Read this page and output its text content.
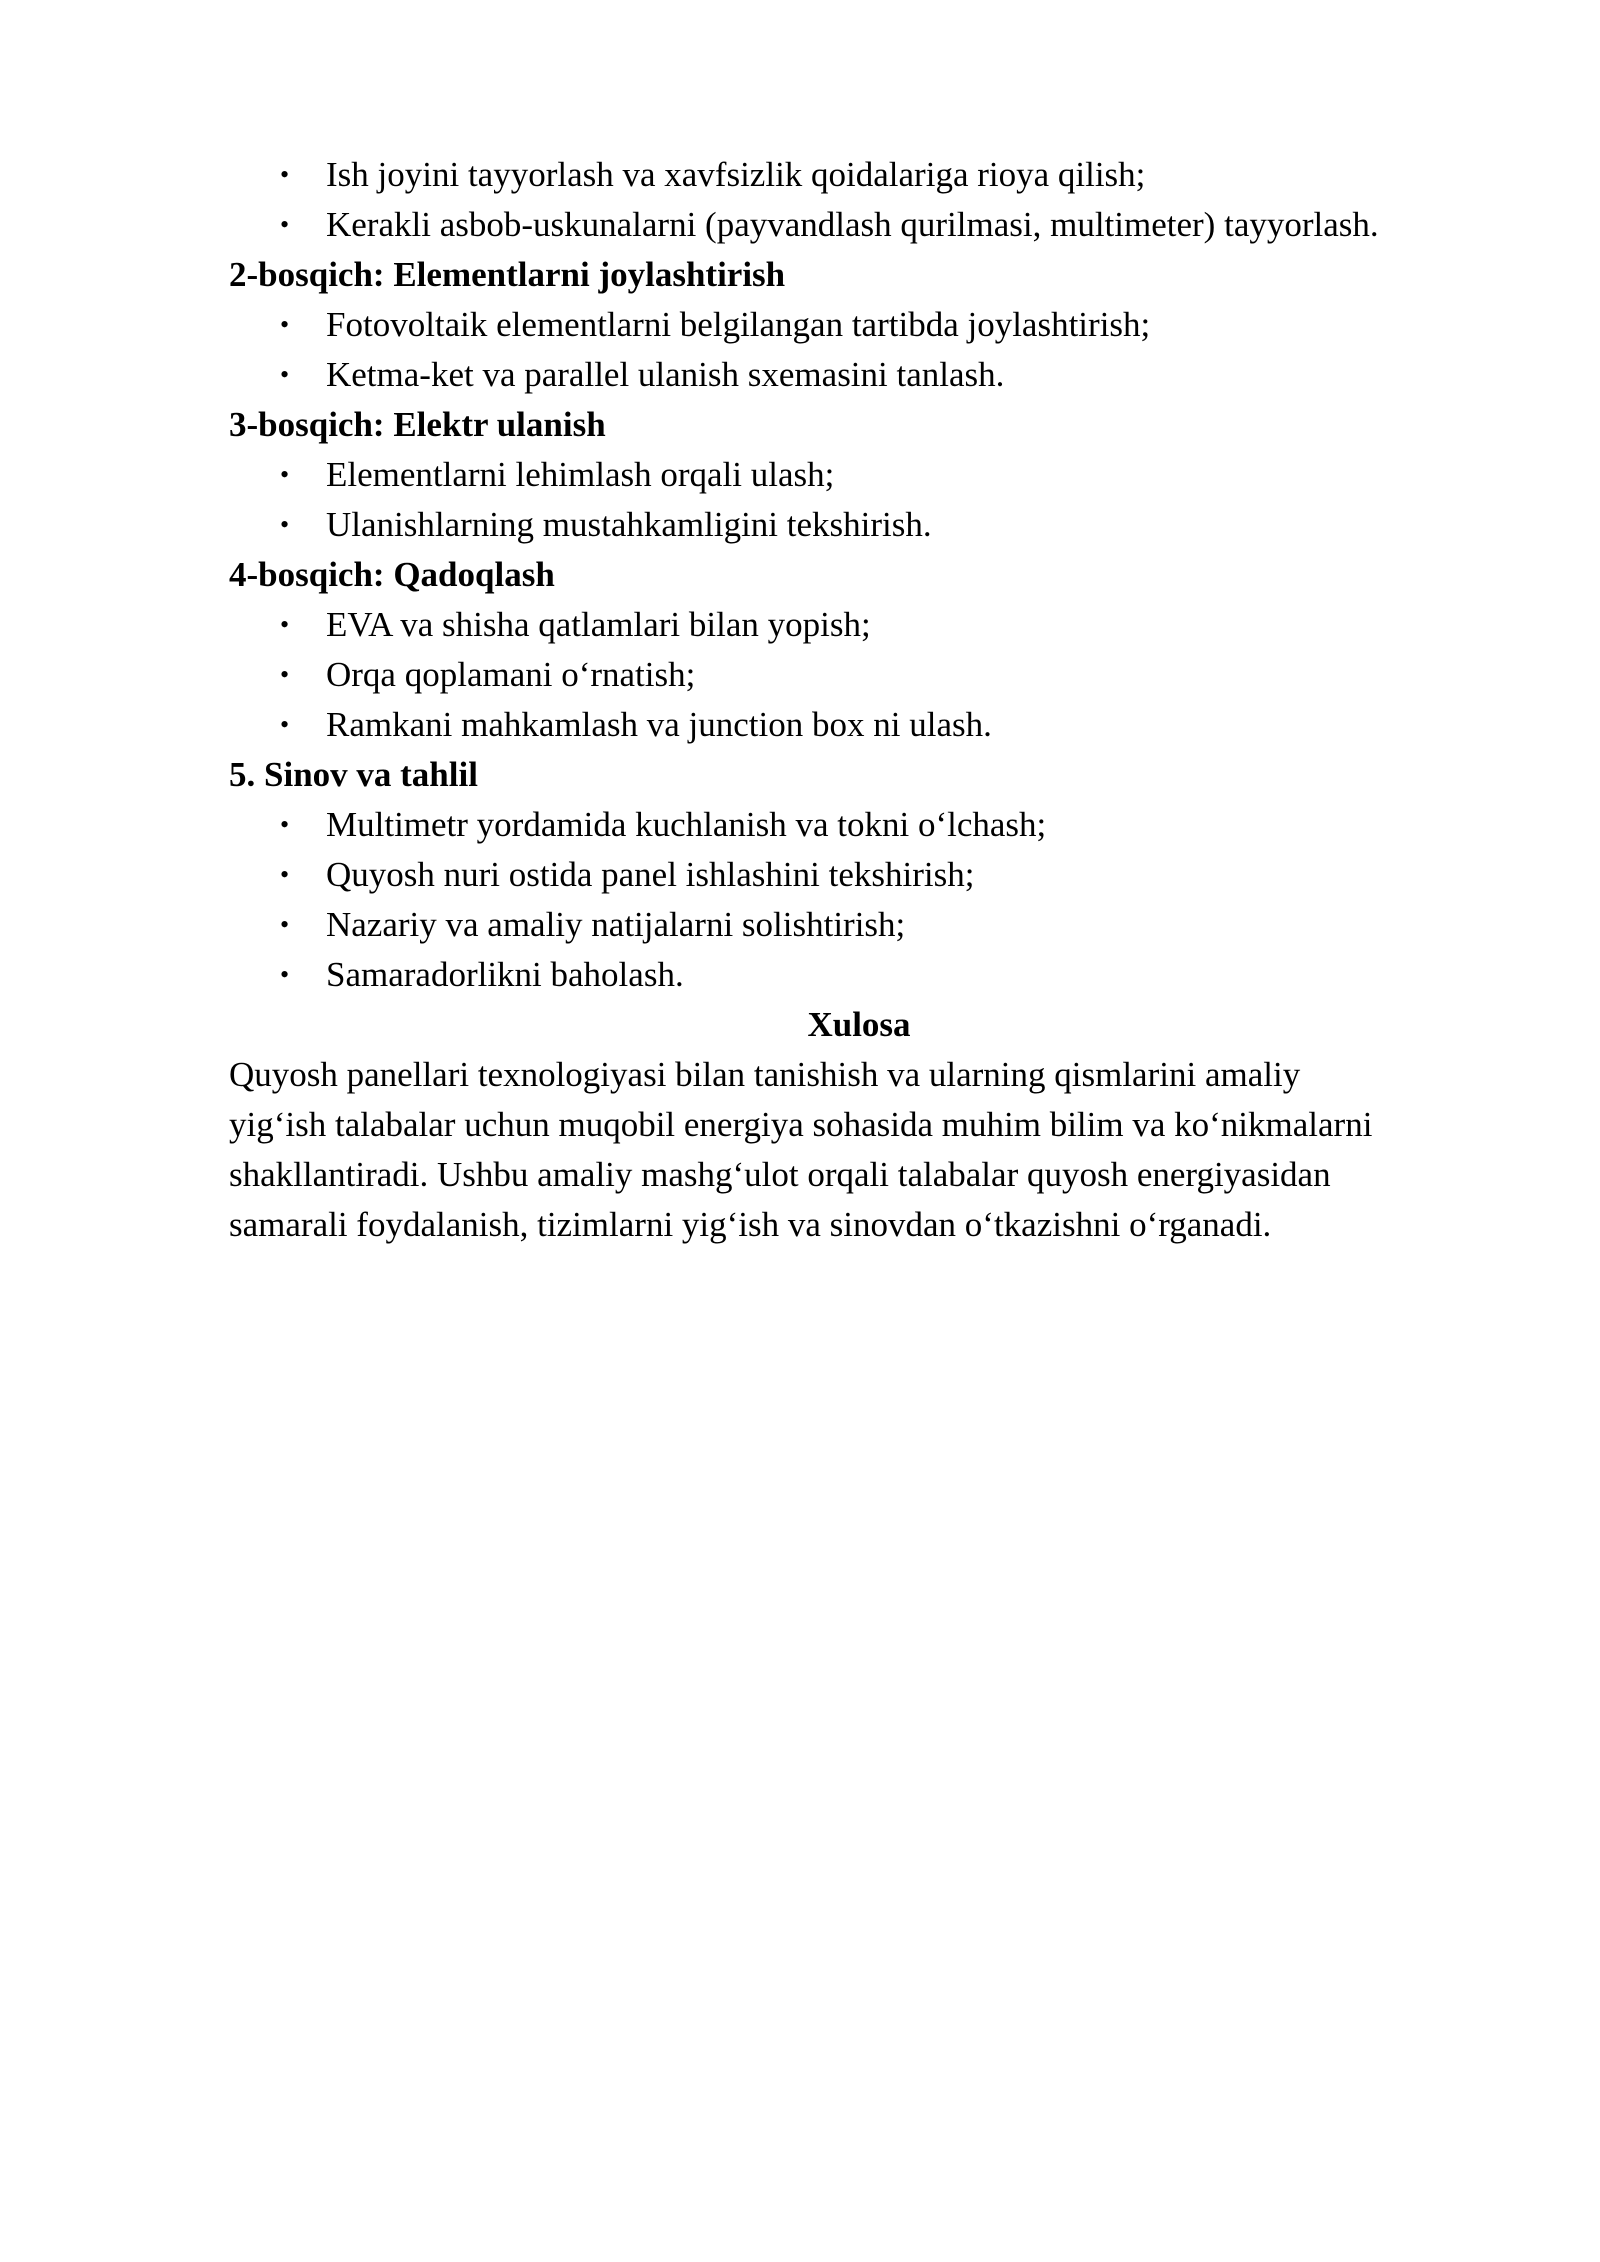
• Ish joyini tayyorlash va xavfsizlik qoidalariga rioya qilish;
• Kerakli asbob-uskunalarni (payvandlash qurilmasi, multimeter) tayyorlash.
2-bosqich: Elementlarni joylashtirish
• Fotovoltaik elementlarni belgilangan tartibda joylashtirish;
• Ketma-ket va parallel ulanish sxemasini tanlash.
3-bosqich: Elektr ulanish
• Elementlarni lehimlash orqali ulash;
• Ulanishlarning mustahkamligini tekshirish.
4-bosqich: Qadoqlash
• EVA va shisha qatlamlari bilan yopish;
• Orqa qoplamani oʻrnatish;
• Ramkani mahkamlash va junction box ni ulash.
5. Sinov va tahlil
• Multimetr yordamida kuchlanish va tokni oʻlchash;
• Quyosh nuri ostida panel ishlashini tekshirish;
• Nazariy va amaliy natijalarni solishtirish;
• Samaradorlikni baholash.
Xulosa
Quyosh panellari texnologiyasi bilan tanishish va ularning qismlarini amaliy
yigʻish talabalar uchun muqobil energiya sohasida muhim bilim va koʻnikmalarni
shakllantiradi. Ushbu amaliy mashgʻulot orqali talabalar quyosh energiyasidan
samarali foydalanish, tizimlarni yigʻish va sinovdan oʻtkazishni oʻrganadi.
